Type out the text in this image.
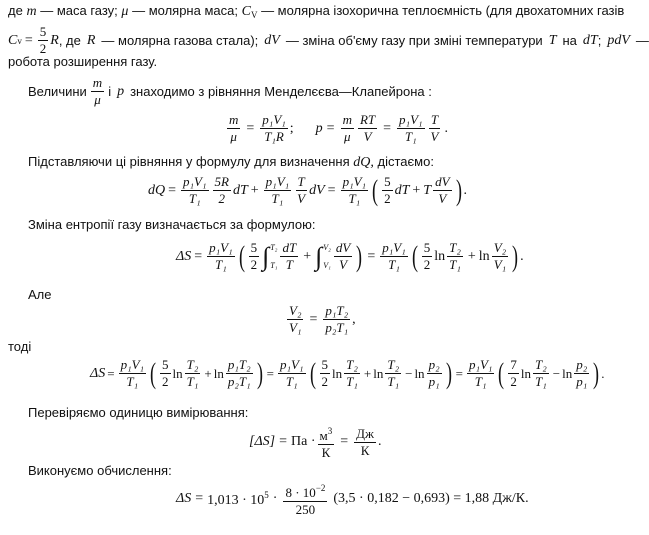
де m — маса газу; μ — молярна маса; $C_V$ — молярна ізохорична теплоємність (для двохатомних газів
C $v = \frac{5}{2}$ R , де R — молярна газова стала); dV — зміна об'єму газу при зміні температури T на dT ; pdV —
робота розширення газу.
Величини $\frac{m}{\mu}$ і p знаходимо з рівняння Менделєєва—Клапейрона :
$\frac{m}{\mu} = \frac{\text{p₁V₁}}{\text{T₁R}}$ ; $p = \frac{m}{\mu} \frac{RT}{V} = \frac{\text{p₁V₁}}{\text{T₁}} \frac{T}{V}$ .
Підставляючи ці рівняння у формулу для визначення dQ, дістаємо:
dQ = $\frac{\text{p₁V₁}}{\text{T₁}} \frac{5R}{2}$ dT + $\frac{\text{p₁V₁}}{\text{T₁}} \frac{T}{V}$ dV = $\frac{\text{p₁V₁}}{\text{T₁}}$ ( $\frac{5}{2}$ dT + T $\frac{dV}{V}$ ) .
Зміна ентропії газу визначається за формулою:
$\Delta S = \frac{\text{p₁V₁}}{\text{T₁}}$ ( $\frac{5}{2}$ ∫ T₂
$T_1 \frac{dT}{T}$ + ∫ V₂
$V_1 \frac{dV}{V}$ ) = $\frac{\text{p₁V₁}}{\text{T₁}}$ ( $\frac{5}{2}$ $\ln \frac{\text{T₂}}{\text{T₁}} + \ln \frac{\text{V₂}}{\text{V₁}}$ ) .
Але
$\frac{\text{V₂}}{\text{V₁}} = \frac{\text{p₁T₂}}{\text{p₂T₁}}$ ,
тоді
$\Delta S = \frac{\text{p₁V₁}}{\text{T₁}}$ ( $\frac{5}{2}$ $\ln \frac{\text{T₂}}{\text{T₁}} + \ln \frac{\text{p₁T₂}}{\text{p₂T₁}}$ ) = $\frac{\text{p₁V₁}}{\text{T₁}}$ ( $\frac{5}{2}$ $\ln \frac{\text{T₂}}{\text{T₁}} + \ln \frac{\text{T₂}}{\text{T₁}} - \ln \frac{\text{p₂}}{\text{p₁}}$ ) = $\frac{\text{p₁V₁}}{\text{T₁}}$ ( $\frac{7}{2}$ $\ln \frac{\text{T₂}}{\text{T₁}} - \ln \frac{\text{p₂}}{\text{p₁}}$ ) .
Перевіряємо одиницю вимірювання:
[ΔS] = Па · $\frac{м^3}{К} = \frac{Дж}{К}$ .
Виконуємо обчислення:
$\Delta S = 1,013 \cdot 10^5 \cdot \frac{8 \cdot 10^{-2}}{250} (3,5 \cdot 0,182 - 0,693) = 1,88$ Дж/К.
